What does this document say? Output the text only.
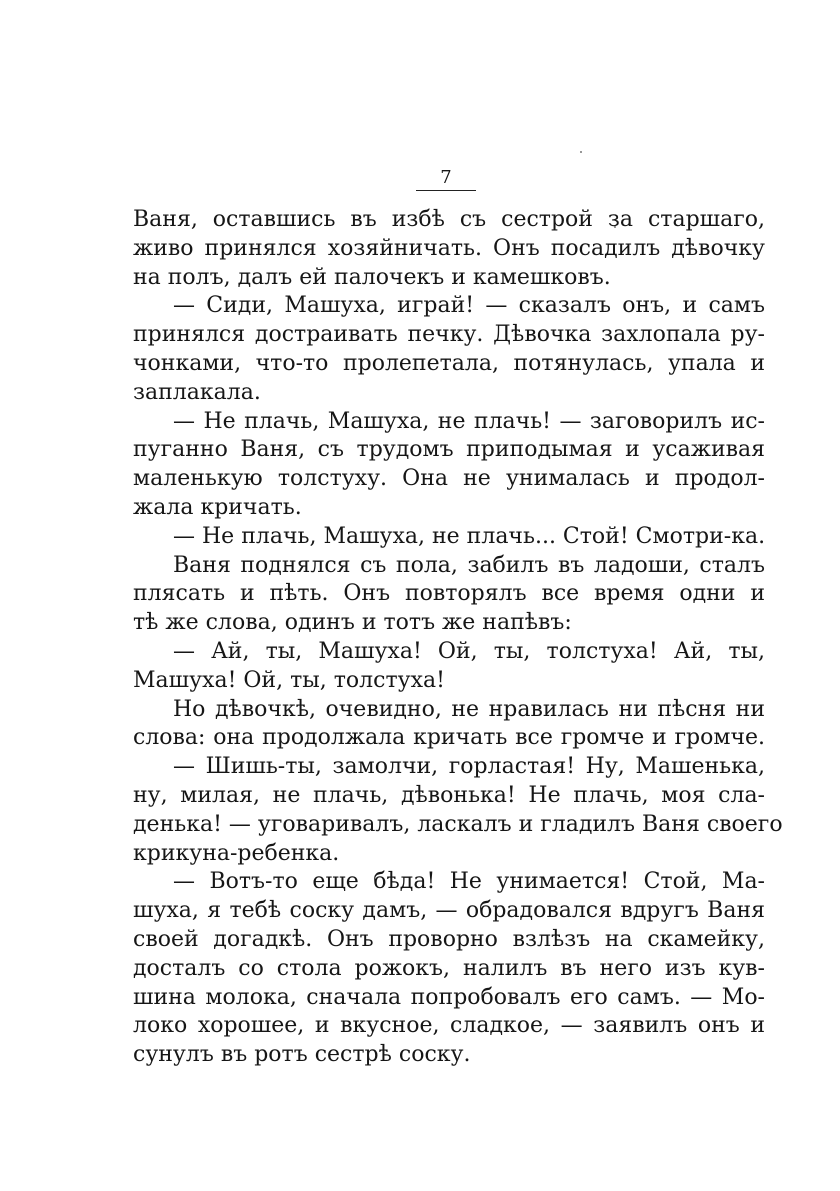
7
Ваня, оставшись въ избѣ съ сестрой за старшаго,
живо принялся хозяйничать. Онъ посадилъ дѣвочку
на полъ, далъ ей палочекъ и камешковъ.
— Сиди, Машуха, играй! — сказалъ онъ, и самъ
принялся достраивать печку. Дѣвочка захлопала ру-
чонками, что-то пролепетала, потянулась, упала и
заплакала.
— Не плачь, Машуха, не плачь! — заговорилъ ис-
пуганно Ваня, съ трудомъ приподымая и усаживая
маленькую толстуху. Она не унималась и продол-
жала кричать.
— Не плачь, Машуха, не плачь... Стой! Смотри-ка.
Ваня поднялся съ пола, забилъ въ ладоши, сталъ
плясать и пѣть. Онъ повторялъ все время одни и
тѣ же слова, одинъ и тотъ же напѣвъ:
— Ай, ты, Машуха! Ой, ты, толстуха! Ай, ты,
Машуха! Ой, ты, толстуха!
Но дѣвочкѣ, очевидно, не нравилась ни пѣсня ни
слова: она продолжала кричать все громче и громче.
— Шишь-ты, замолчи, горластая! Ну, Машенька,
ну, милая, не плачь, дѣвонька! Не плачь, моя сла-
денька! — уговаривалъ, ласкалъ и гладилъ Ваня своего
крикуна-ребенка.
— Вотъ-то еще бѣда! Не унимается! Стой, Ма-
шуха, я тебѣ соску дамъ, — обрадовался вдругъ Ваня
своей догадкѣ. Онъ проворно взлѣзъ на скамейку,
досталъ со стола рожокъ, налилъ въ него изъ кув-
шина молока, сначала попробовалъ его самъ. — Мо-
локо хорошее, и вкусное, сладкое, — заявилъ онъ и
сунулъ въ ротъ сестрѣ соску.
